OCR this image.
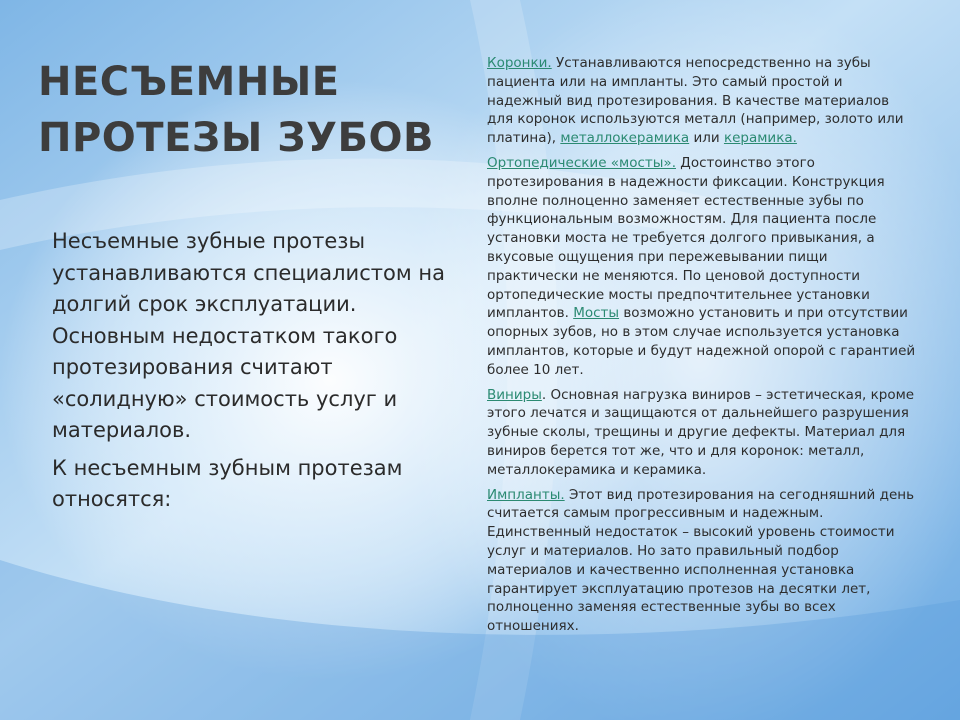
НЕСЪЕМНЫЕ ПРОТЕЗЫ ЗУБОВ

Несъемные зубные протезы устанавливаются специалистом на долгий срок эксплуатации. Основным недостатком такого протезирования считают «солидную» стоимость услуг и материалов.

К несъемным зубным протезам относятся:

Коронки. Устанавливаются непосредственно на зубы пациента или на импланты. Это самый простой и надежный вид протезирования. В качестве материалов для коронок используются металл (например, золото или платина), металлокерамика или керамика.

Ортопедические «мосты». Достоинство этого протезирования в надежности фиксации. Конструкция вполне полноценно заменяет естественные зубы по функциональным возможностям. Для пациента после установки моста не требуется долгого привыкания, а вкусовые ощущения при пережевывании пищи практически не меняются. По ценовой доступности ортопедические мосты предпочтительнее установки имплантов. Мосты возможно установить и при отсутствии опорных зубов, но в этом случае используется установка имплантов, которые и будут надежной опорой с гарантией более 10 лет.

Виниры. Основная нагрузка виниров – эстетическая, кроме этого лечатся и защищаются от дальнейшего разрушения зубные сколы, трещины и другие дефекты. Материал для виниров берется тот же, что и для коронок: металл, металлокерамика и керамика.

Импланты. Этот вид протезирования на сегодняшний день считается самым прогрессивным и надежным. Единственный недостаток – высокий уровень стоимости услуг и материалов. Но зато правильный подбор материалов и качественно исполненная установка гарантирует эксплуатацию протезов на десятки лет, полноценно заменяя естественные зубы во всех отношениях.
